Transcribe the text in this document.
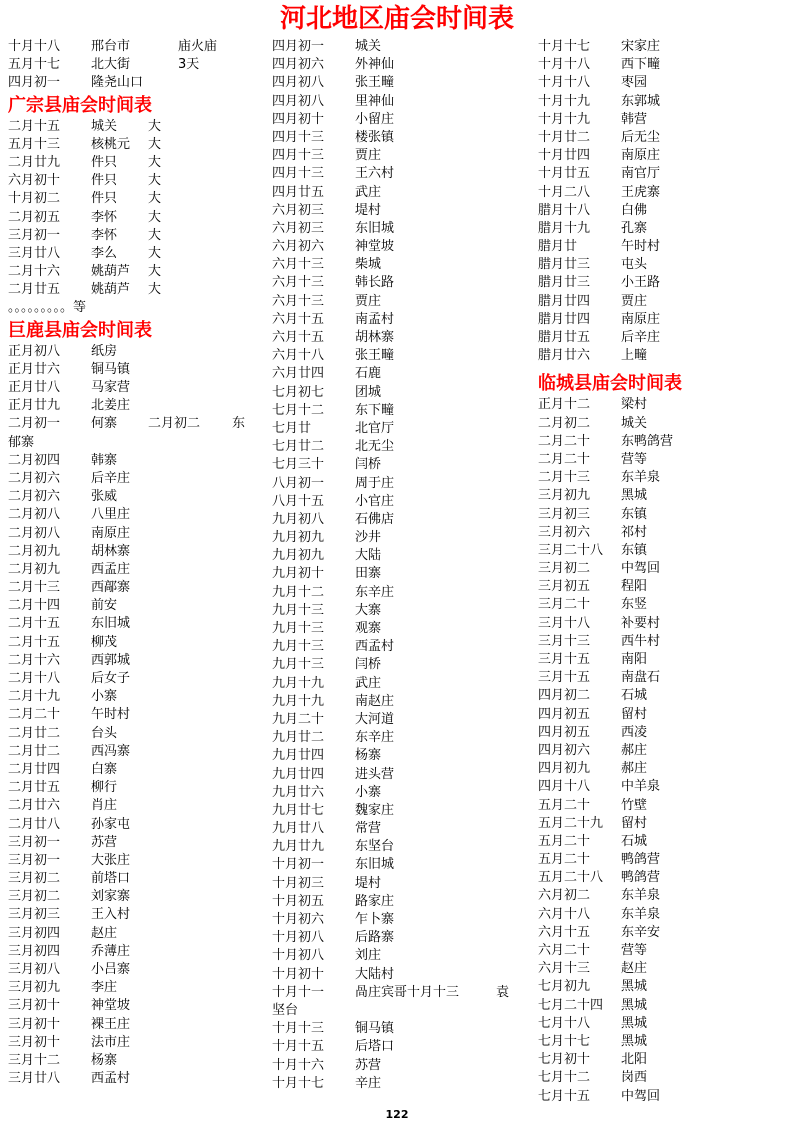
河北地区庙会时间表
十月十八 邢台市	庙火庙
五月十七 北大街	3天
四月初一 隆尧山口
广宗县庙会时间表
二月十五 城关 大
五月十三 核桃元 大
二月廿九 件只 大
六月初十 件只 大
十月初二 件只 大
二月初五 李怀 大
三月初一 李怀 大
三月廿八 李么 大
二月十六 姚葫芦 大
二月廿五 姚葫芦 大
。。。。。。。。。等
巨鹿县庙会时间表
正月初八 纸房
正月廿六 铜马镇
正月廿八 马家营
正月廿九 北姜庄
二月初一 何寨 二月初二 东
郁寨
二月初四 韩寨
二月初六 后辛庄
二月初六 张威
二月初八 八里庄
二月初八 南原庄
二月初九 胡林寨
二月初九 西孟庄
二月十三 西鄗寨
二月十四 前安
二月十五 东旧城
二月十五 柳茂
二月十六 西郭城
二月十八 后女子
二月十九 小寨
二月二十 午时村
二月廿二 台头
二月廿二 西冯寨
二月廿四 白寨
二月廿五 柳行
二月廿六 肖庄
二月廿八 孙家屯
三月初一 苏营
三月初一 大张庄
三月初二 前塔口
三月初二 刘家寨
三月初三 王入村
三月初四 赵庄
三月初四 乔薄庄
三月初八 小吕寨
三月初九 李庄
三月初十 神堂坡
三月初十 裸王庄
三月初十 法市庄
三月十二 杨寨
三月廿八 西孟村
四月初一 城关
四月初六 外神仙
四月初八 张王疃
四月初八 里神仙
四月初十 小留庄
四月十三 楼张镇
四月十三 贾庄
四月十三 王六村
四月廿五 武庄
六月初三 堤村
六月初三 东旧城
六月初六 神堂坡
六月十三 柴城
六月十三 韩长路
六月十三 贾庄
六月十五 南孟村
六月十五 胡林寨
六月十八 张王疃
六月廿四 石鹿
七月初七 团城
七月十二 东下疃
七月廿	北官厅
七月廿二 北无尘
七月三十 闫桥
八月初一 周于庄
八月十五 小官庄
九月初八 石佛店
九月初九 沙井
九月初九 大陆
九月初十 田寨
九月十二 东辛庄
九月十三 大寨
九月十三 观寨
九月十三 西孟村
九月十三 闫桥
九月十九 武庄
九月十九 南赵庄
九月二十 大河道
九月廿二 东辛庄
九月廿四 杨寨
九月廿四 进头营
九月廿六 小寨
九月廿七 魏家庄
九月廿八 常营
九月廿九 东坚台
十月初一 东旧城
十月初三 堤村
十月初五 路家庄
十月初六 乍卜寨
十月初八 后路寨
十月初八 刘庄
十月初十 大陆村
十月十一 咼庄宾哥十月十三	袁
坚台
十月十三 铜马镇
十月十五 后塔口
十月十六 苏营
十月十七 辛庄
十月十七 宋家庄
十月十八 西下疃
十月十八 枣园
十月十九 东郭城
十月十九 韩营
十月廿二 后无尘
十月廿四 南原庄
十月廿五 南官厅
十月二八 王虎寨
腊月十八 白佛
腊月十九 孔寨
腊月廿	午时村
腊月廿三 屯头
腊月廿三 小王路
腊月廿四 贾庄
腊月廿四 南原庄
腊月廿五 后辛庄
腊月廿六 上疃
临城县庙会时间表
正月十二 梁村
二月初二 城关
二月二十 东鸭鸽营
二月二十 营等
二月十三 东羊泉
三月初九 黑城
三月初三 东镇
三月初六 祁村
三月二十八 东镇
三月初二 中驾回
三月初五 程阳
三月二十 东竖
三月十八 补要村
三月十三 西牛村
三月十五 南阳
三月十五 南盘石
四月初二 石城
四月初五 留村
四月初五 西凌
四月初六 郝庄
四月初九 郝庄
四月十八 中羊泉
五月二十 竹壁
五月二十九 留村
五月二十 石城
五月二十 鸭鸽营
五月二十八 鸭鸽营
六月初二 东羊泉
六月十八 东羊泉
六月十五 东辛安
六月二十 营等
六月十三 赵庄
七月初九 黑城
七月二十四 黑城
七月十八 黑城
七月十七 黑城
七月初十 北阳
七月十二 岗西
七月十五 中驾回
122
